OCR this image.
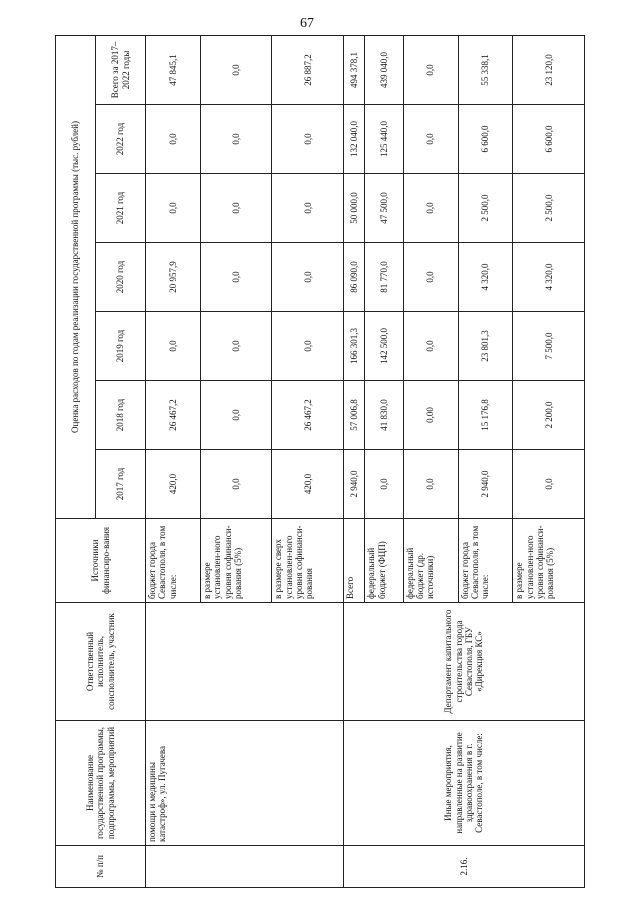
67
№ п/п	Наименование государственной программы, подпрограммы, мероприятий	Ответственный исполнитель, соисполнитель, участник	Источники финансиро-вания	Оценка расходов по годам реализации государственной программы (тыс. рублей)						
				2017 год	2018 год	2019 год	2020 год	2021 год	2022 год	Всего за 2017–2022 годы
	помощи и медицины катастроф», ул. Пугачева		бюджет города Севастополя, в том числе:	420,0	26 467,2	0,0	20 957,9	0,0	0,0	47 845,1
			в размере установлен-ного уровня софинанси-рования (5%)	0,0	0,0	0,0	0,0	0,0	0,0	0,0
			в размере сверх установлен-ного уровня софинанси-рования	420,0	26 467,2	0,0	0,0	0,0	0,0	26 887,2
2.16.	Иные мероприятия, направленные на развитие здравоохранения в г. Севастополе, в том числе:	Департамент капитального строительства города Севастополя, ГБУ «Дирекция КС»	Всего	2 940,0	57 006,8	166 301,3	86 090,0	50 000,0	132 040,0	494 378,1
			федеральный бюджет (ФЦП)	0,0	41 830,0	142 500,0	81 770,0	47 500,0	125 440,0	439 040,0
			федеральный бюджет (др. источники)	0,0	0,00	0,0	0,0	0,0	0,0	0,0
			бюджет города Севастополя, в том числе:	2 940,0	15 176,8	23 801,3	4 320,0	2 500,0	6 600,0	55 338,1
			в размере установлен-ного уровня софинанси-рования (5%)	0,0	2 200,0	7 500,0	4 320,0	2 500,0	6 600,0	23 120,0
